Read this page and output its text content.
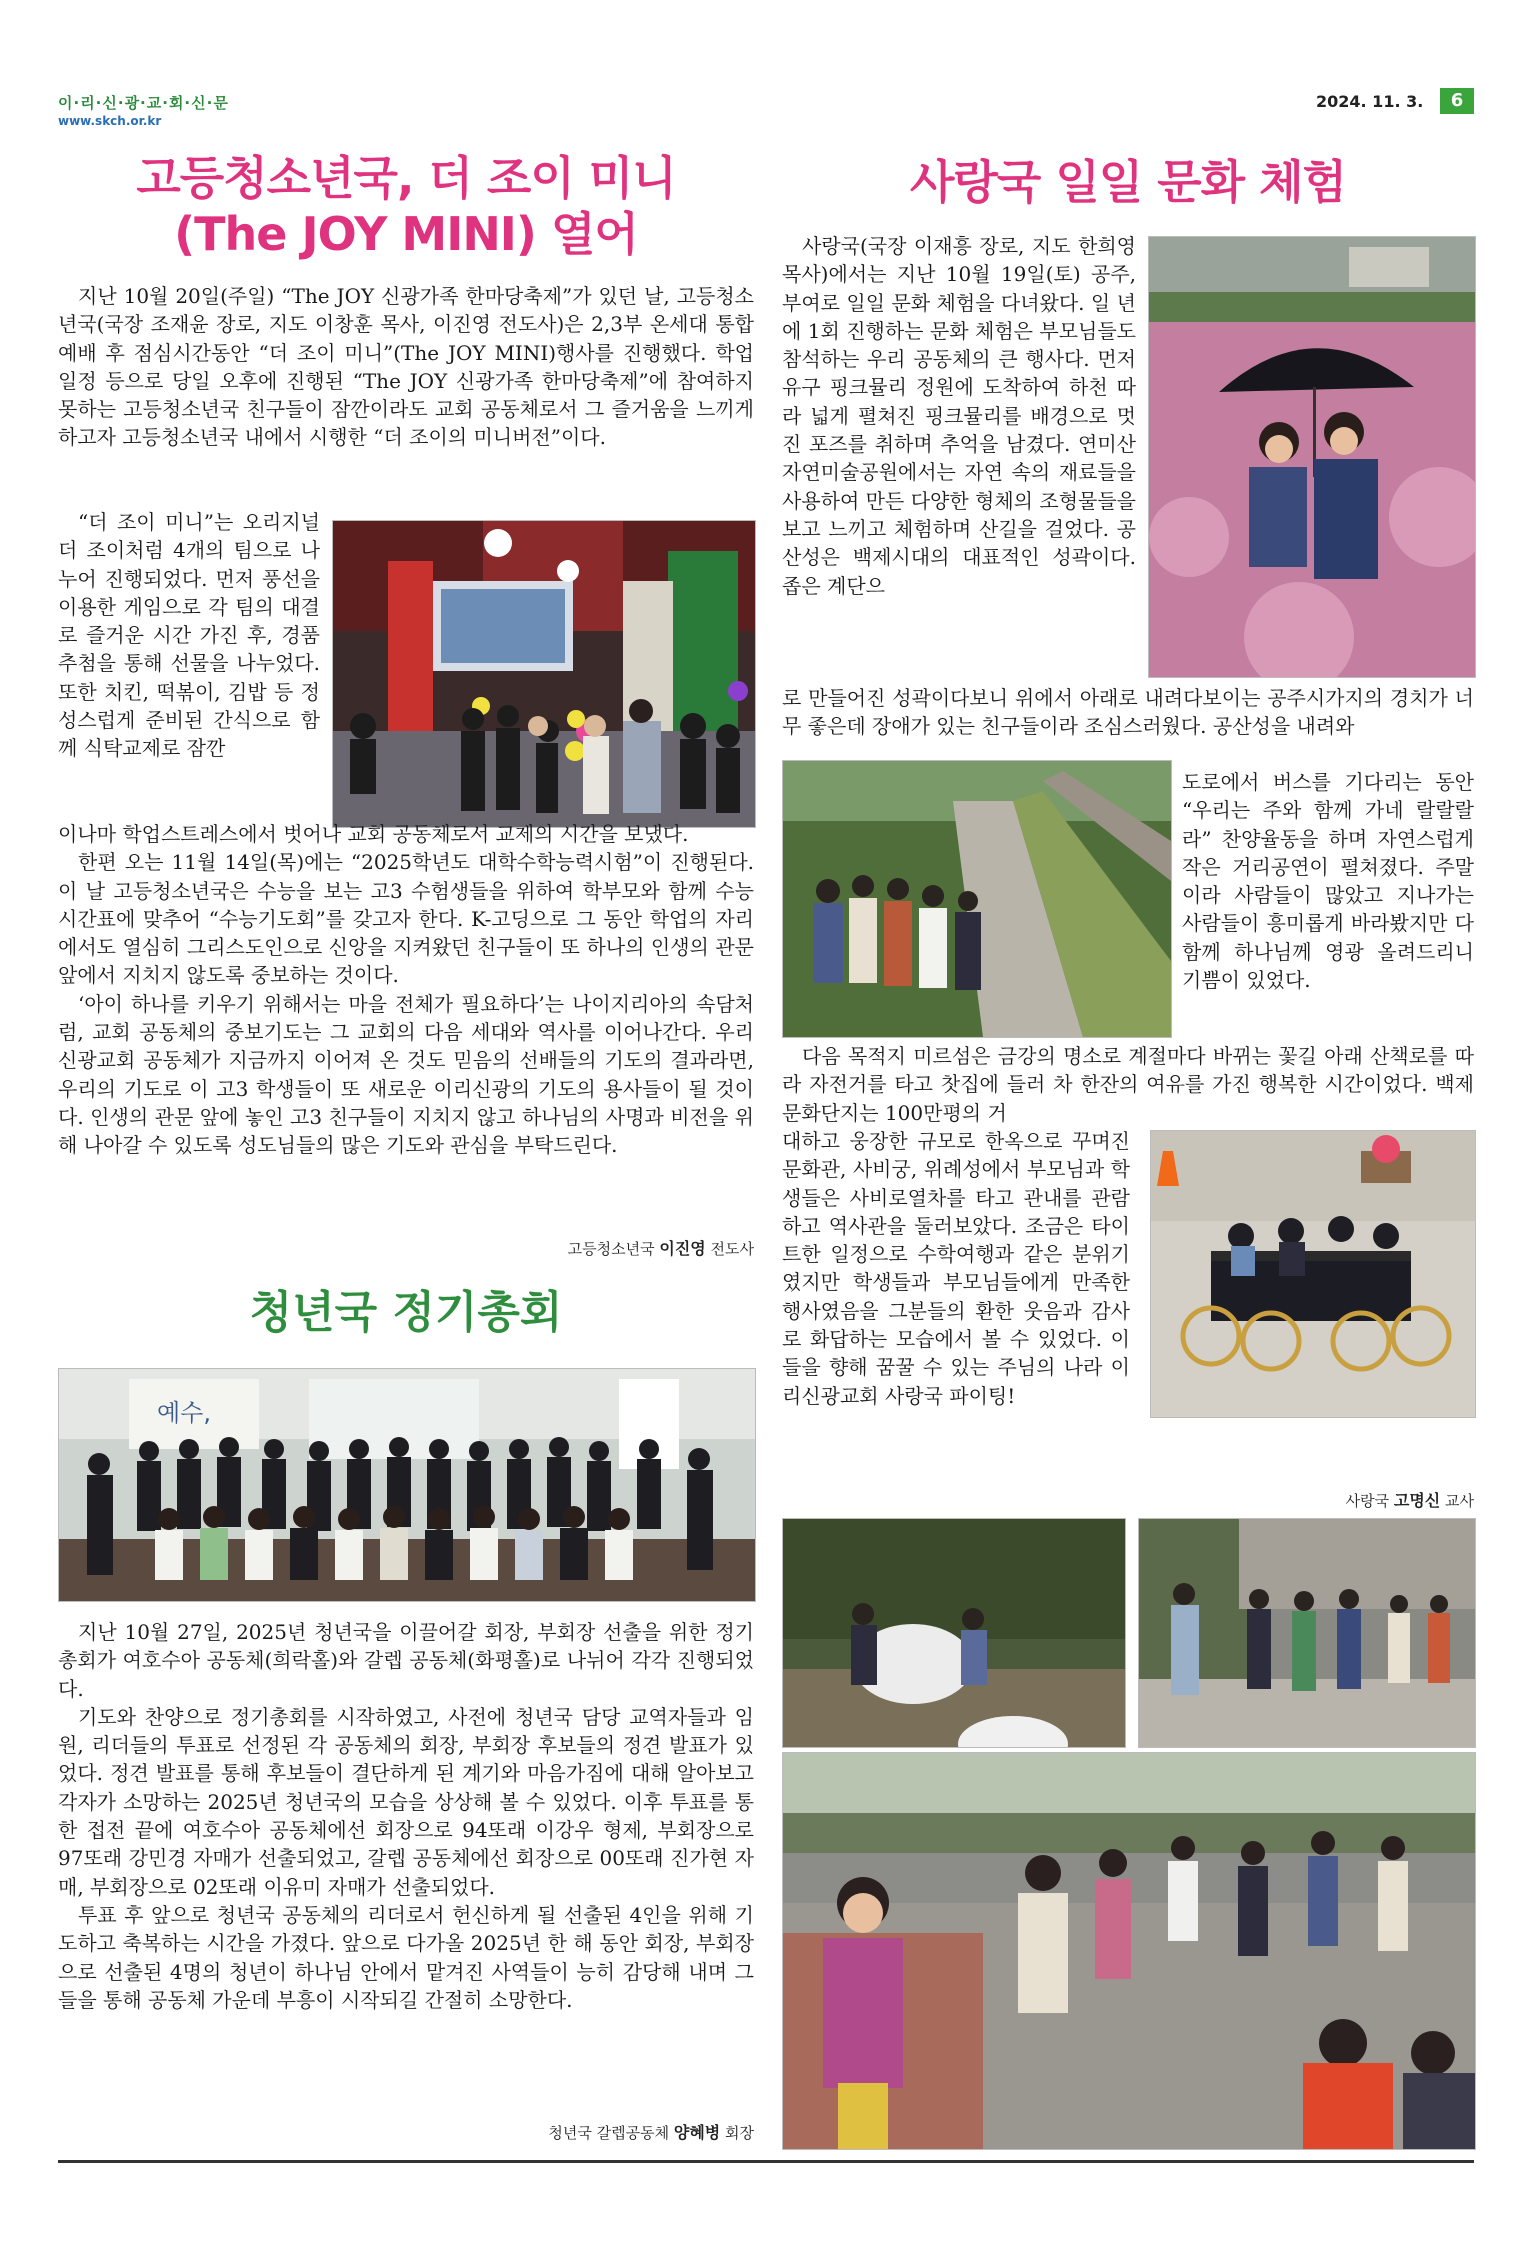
이·리·신·광·교·회·신·문
www.skch.or.kr
2024. 11. 3.	6
고등청소년국, 더 조이 미니
(The JOY MINI) 열어

지난 10월 20일(주일) “The JOY 신광가족 한마당축제”가 있던 날, 고등청소년국(국장 조재윤 장로, 지도 이창훈 목사, 이진영 전도사)은 2,3부 온세대 통합예배 후 점심시간동안 “더 조이 미니”(The JOY MINI)행사를 진행했다. 학업 일정 등으로 당일 오후에 진행된 “The JOY 신광가족 한마당축제”에 참여하지 못하는 고등청소년국 친구들이 잠깐이라도 교회 공동체로서 그 즐거움을 느끼게 하고자 고등청소년국 내에서 시행한 “더 조이의 미니버전”이다.

“더 조이 미니”는 오리지널 더 조이처럼 4개의 팀으로 나누어 진행되었다. 먼저 풍선을 이용한 게임으로 각 팀의 대결로 즐거운 시간 가진 후, 경품추첨을 통해 선물을 나누었다. 또한 치킨, 떡볶이, 김밥 등 정성스럽게 준비된 간식으로 함께 식탁교제로 잠깐

이나마 학업스트레스에서 벗어나 교회 공동체로서 교제의 시간을 보냈다.

한편 오는 11월 14일(목)에는 “2025학년도 대학수학능력시험”이 진행된다. 이 날 고등청소년국은 수능을 보는 고3 수험생들을 위하여 학부모와 함께 수능 시간표에 맞추어 “수능기도회”를 갖고자 한다. K-고딩으로 그 동안 학업의 자리에서도 열심히 그리스도인으로 신앙을 지켜왔던 친구들이 또 하나의 인생의 관문 앞에서 지치지 않도록 중보하는 것이다.

‘아이 하나를 키우기 위해서는 마을 전체가 필요하다’는 나이지리아의 속담처럼, 교회 공동체의 중보기도는 그 교회의 다음 세대와 역사를 이어나간다. 우리 신광교회 공동체가 지금까지 이어져 온 것도 믿음의 선배들의 기도의 결과라면, 우리의 기도로 이 고3 학생들이 또 새로운 이리신광의 기도의 용사들이 될 것이다. 인생의 관문 앞에 놓인 고3 친구들이 지치지 않고 하나님의 사명과 비전을 위해 나아갈 수 있도록 성도님들의 많은 기도와 관심을 부탁드린다.

고등청소년국 이진영 전도사
청년국 정기총회
예수,

지난 10월 27일, 2025년 청년국을 이끌어갈 회장, 부회장 선출을 위한 정기총회가 여호수아 공동체(희락홀)와 갈렙 공동체(화평홀)로 나뉘어 각각 진행되었다.

기도와 찬양으로 정기총회를 시작하였고, 사전에 청년국 담당 교역자들과 임원, 리더들의 투표로 선정된 각 공동체의 회장, 부회장 후보들의 정견 발표가 있었다. 정견 발표를 통해 후보들이 결단하게 된 계기와 마음가짐에 대해 알아보고 각자가 소망하는 2025년 청년국의 모습을 상상해 볼 수 있었다. 이후 투표를 통한 접전 끝에 여호수아 공동체에선 회장으로 94또래 이강우 형제, 부회장으로 97또래 강민경 자매가 선출되었고, 갈렙 공동체에선 회장으로 00또래 진가현 자매, 부회장으로 02또래 이유미 자매가 선출되었다.

투표 후 앞으로 청년국 공동체의 리더로서 헌신하게 될 선출된 4인을 위해 기도하고 축복하는 시간을 가졌다. 앞으로 다가올 2025년 한 해 동안 회장, 부회장으로 선출된 4명의 청년이 하나님 안에서 맡겨진 사역들이 능히 감당해 내며 그들을 통해 공동체 가운데 부흥이 시작되길 간절히 소망한다.

청년국 갈렙공동체 양혜병 회장
사랑국 일일 문화 체험

사랑국(국장 이재흥 장로, 지도 한희영 목사)에서는 지난 10월 19일(토) 공주, 부여로 일일 문화 체험을 다녀왔다. 일 년에 1회 진행하는 문화 체험은 부모님들도 참석하는 우리 공동체의 큰 행사다. 먼저 유구 핑크뮬리 정원에 도착하여 하천 따라 넓게 펼쳐진 핑크뮬리를 배경으로 멋진 포즈를 취하며 추억을 남겼다. 연미산 자연미술공원에서는 자연 속의 재료들을 사용하여 만든 다양한 형체의 조형물들을 보고 느끼고 체험하며 산길을 걸었다. 공산성은 백제시대의 대표적인 성곽이다. 좁은 계단으

로 만들어진 성곽이다보니 위에서 아래로 내려다보이는 공주시가지의 경치가 너무 좋은데 장애가 있는 친구들이라 조심스러웠다. 공산성을 내려와

도로에서 버스를 기다리는 동안 “우리는 주와 함께 가네 랄랄랄라” 찬양율동을 하며 자연스럽게 작은 거리공연이 펼쳐졌다. 주말이라 사람들이 많았고 지나가는 사람들이 흥미롭게 바라봤지만 다 함께 하나님께 영광 올려드리니 기쁨이 있었다.

다음 목적지 미르섬은 금강의 명소로 계절마다 바뀌는 꽃길 아래 산책로를 따라 자전거를 타고 찻집에 들러 차 한잔의 여유를 가진 행복한 시간이었다. 백제문화단지는 100만평의 거

대하고 웅장한 규모로 한옥으로 꾸며진 문화관, 사비궁, 위례성에서 부모님과 학생들은 사비로열차를 타고 관내를 관람하고 역사관을 둘러보았다. 조금은 타이트한 일정으로 수학여행과 같은 분위기였지만 학생들과 부모님들에게 만족한 행사였음을 그분들의 환한 웃음과 감사로 화답하는 모습에서 볼 수 있었다. 이들을 향해 꿈꿀 수 있는 주님의 나라 이리신광교회 사랑국 파이팅!

사랑국 고명신 교사
